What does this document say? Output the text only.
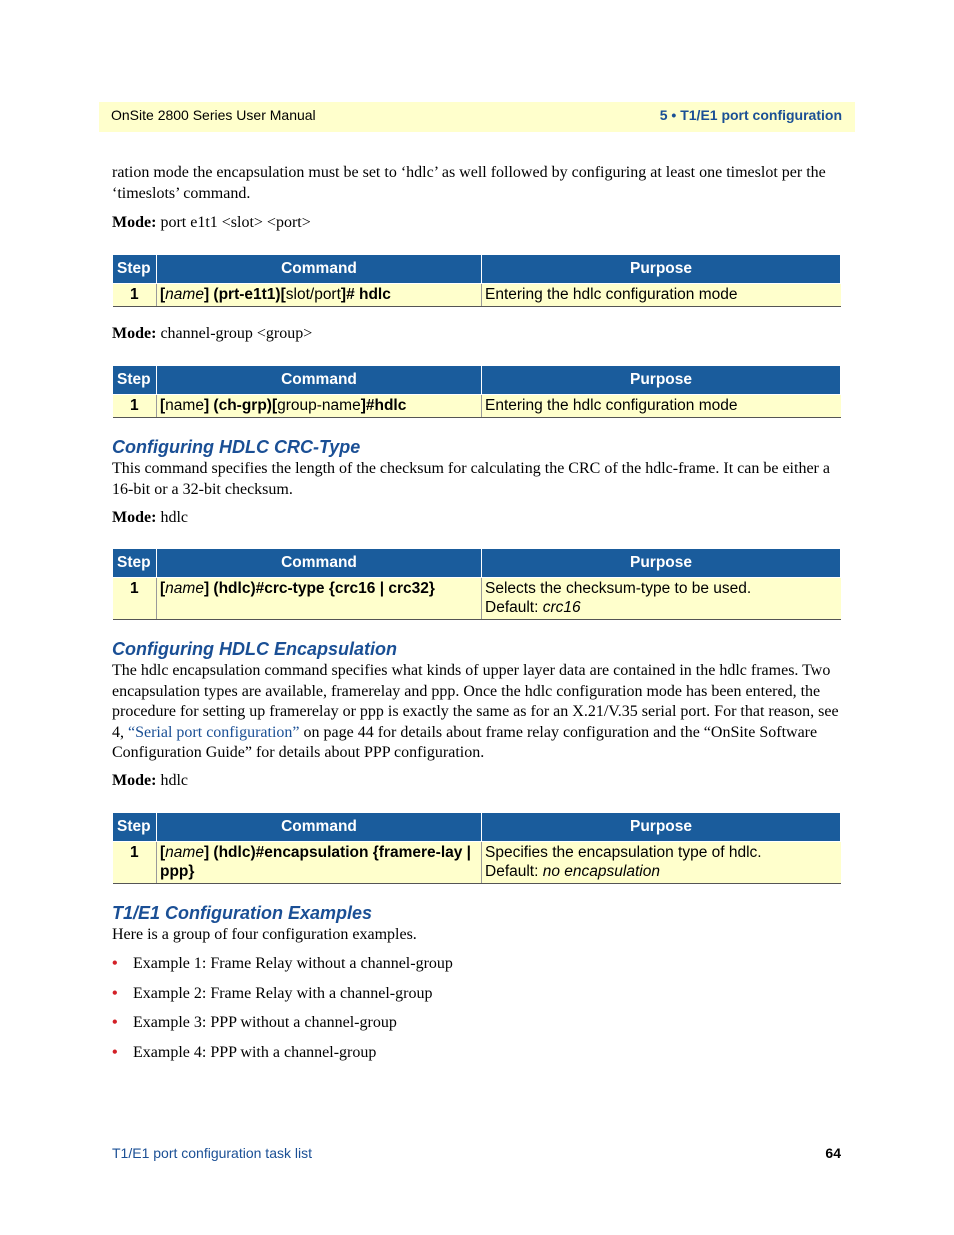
OnSite 2800 Series User Manual	5 • T1/E1 port configuration
ration mode the encapsulation must be set to ‘hdlc’ as well followed by configuring at least one timeslot per the ‘timeslots’ command.
Mode: port e1t1 <slot> <port>
Step	Command	Purpose
1	[name] (prt-e1t1)[slot/port]# hdlc	Entering the hdlc configuration mode
Mode: channel-group <group>
Step	Command	Purpose
1	[name] (ch-grp)[group-name]#hdlc	Entering the hdlc configuration mode
Configuring HDLC CRC-Type
This command specifies the length of the checksum for calculating the CRC of the hdlc-frame. It can be either a 16-bit or a 32-bit checksum.
Mode: hdlc
Step	Command	Purpose
1	[name] (hdlc)#crc-type {crc16 | crc32}	Selects the checksum-type to be used.
Default: crc16
Configuring HDLC Encapsulation
The hdlc encapsulation command specifies what kinds of upper layer data are contained in the hdlc frames. Two encapsulation types are available, framerelay and ppp. Once the hdlc configuration mode has been entered, the procedure for setting up framerelay or ppp is exactly the same as for an X.21/V.35 serial port. For that reason, see 4, “Serial port configuration” on page 44 for details about frame relay configuration and the “OnSite Software Configuration Guide” for details about PPP configuration.
Mode: hdlc
Step	Command	Purpose
1	[name] (hdlc)#encapsulation {framere-lay | ppp}	Specifies the encapsulation type of hdlc.
Default: no encapsulation
T1/E1 Configuration Examples
Here is a group of four configuration examples.
• Example 1: Frame Relay without a channel-group
• Example 2: Frame Relay with a channel-group
• Example 3: PPP without a channel-group
• Example 4: PPP with a channel-group
T1/E1 port configuration task list	64
